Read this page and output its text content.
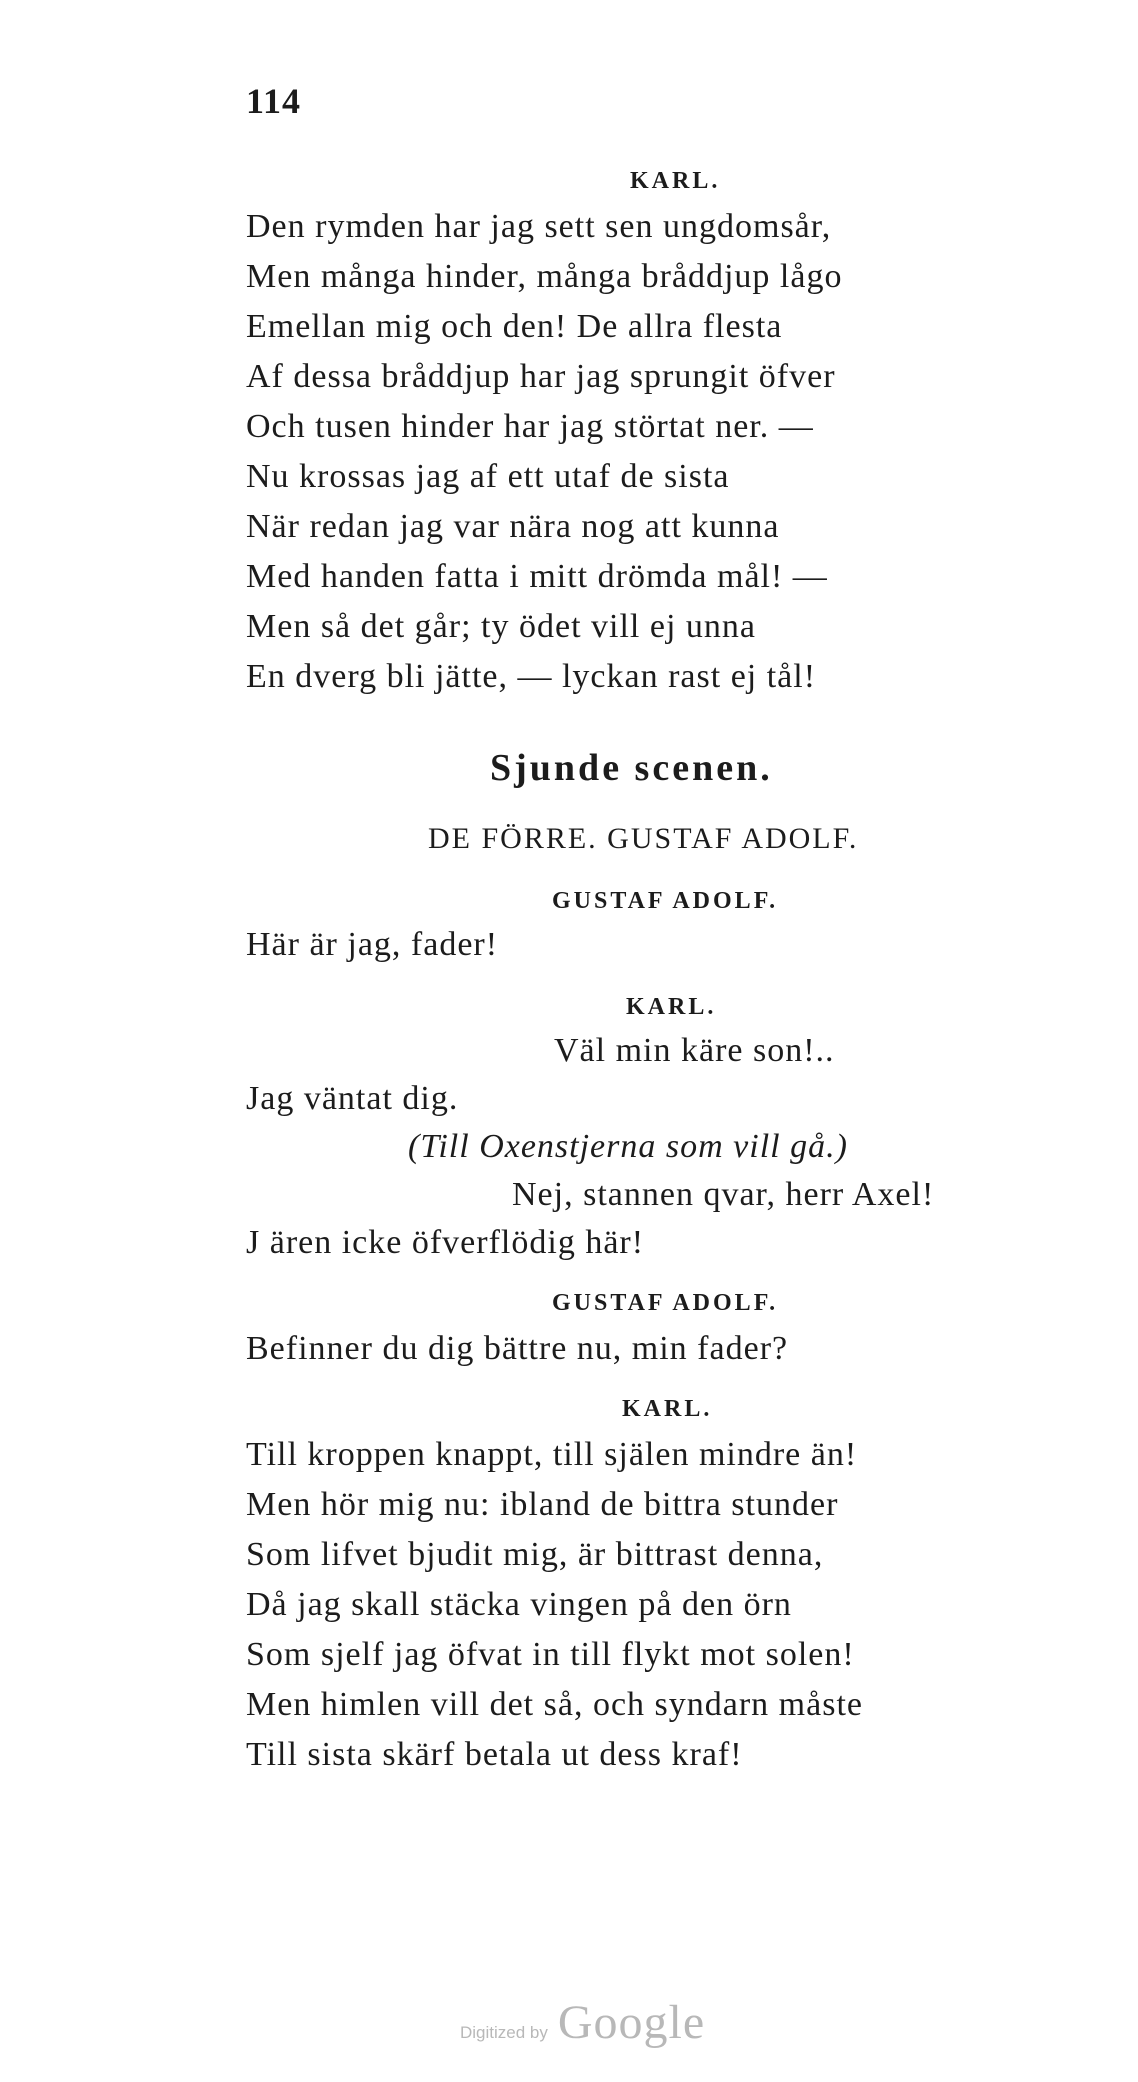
114
KARL.
Den rymden har jag sett sen ungdomsår,
Men många hinder, många bråddjup lågo
Emellan mig och den! De allra flesta
Af dessa bråddjup har jag sprungit öfver
Och tusen hinder har jag störtat ner. —
Nu krossas jag af ett utaf de sista
När redan jag var nära nog att kunna
Med handen fatta i mitt drömda mål! —
Men så det går; ty ödet vill ej unna
En dverg bli jätte, — lyckan rast ej tål!
Sjunde scenen.
DE FÖRRE. GUSTAF ADOLF.
GUSTAF ADOLF.
Här är jag, fader!
KARL.
Väl min käre son!..
Jag väntat dig.
(Till Oxenstjerna som vill gå.)
Nej, stannen qvar, herr Axel!
J ären icke öfverflödig här!
GUSTAF ADOLF.
Befinner du dig bättre nu, min fader?
KARL.
Till kroppen knappt, till själen mindre än!
Men hör mig nu: ibland de bittra stunder
Som lifvet bjudit mig, är bittrast denna,
Då jag skall stäcka vingen på den örn
Som sjelf jag öfvat in till flykt mot solen!
Men himlen vill det så, och syndarn måste
Till sista skärf betala ut dess kraf!
Digitized by Google
